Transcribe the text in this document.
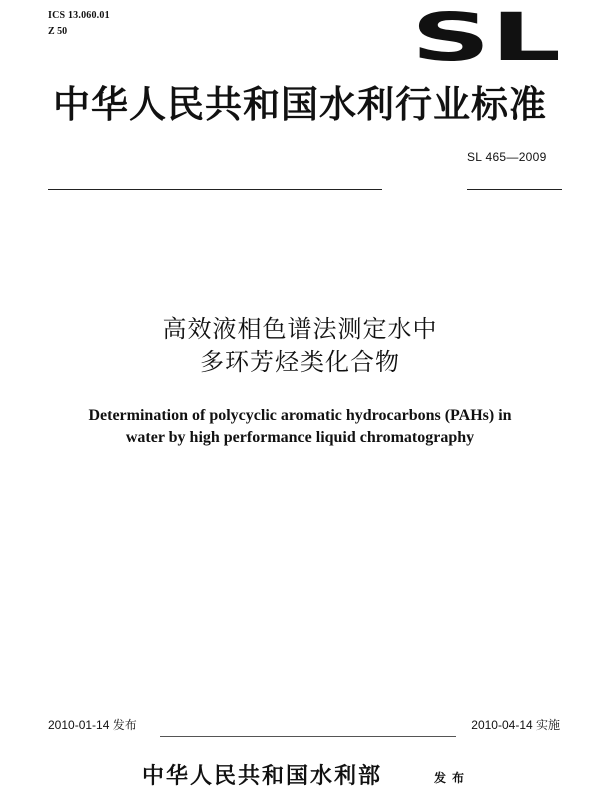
ICS 13.060.01
Z 50	SL
中华人民共和国水利行业标准
SL 465—2009
高效液相色谱法测定水中
多环芳烃类化合物
Determination of polycyclic aromatic hydrocarbons (PAHs) in
water by high performance liquid chromatography
2010-01-14 发布	2010-04-14 实施
中华人民共和国水利部	发布
